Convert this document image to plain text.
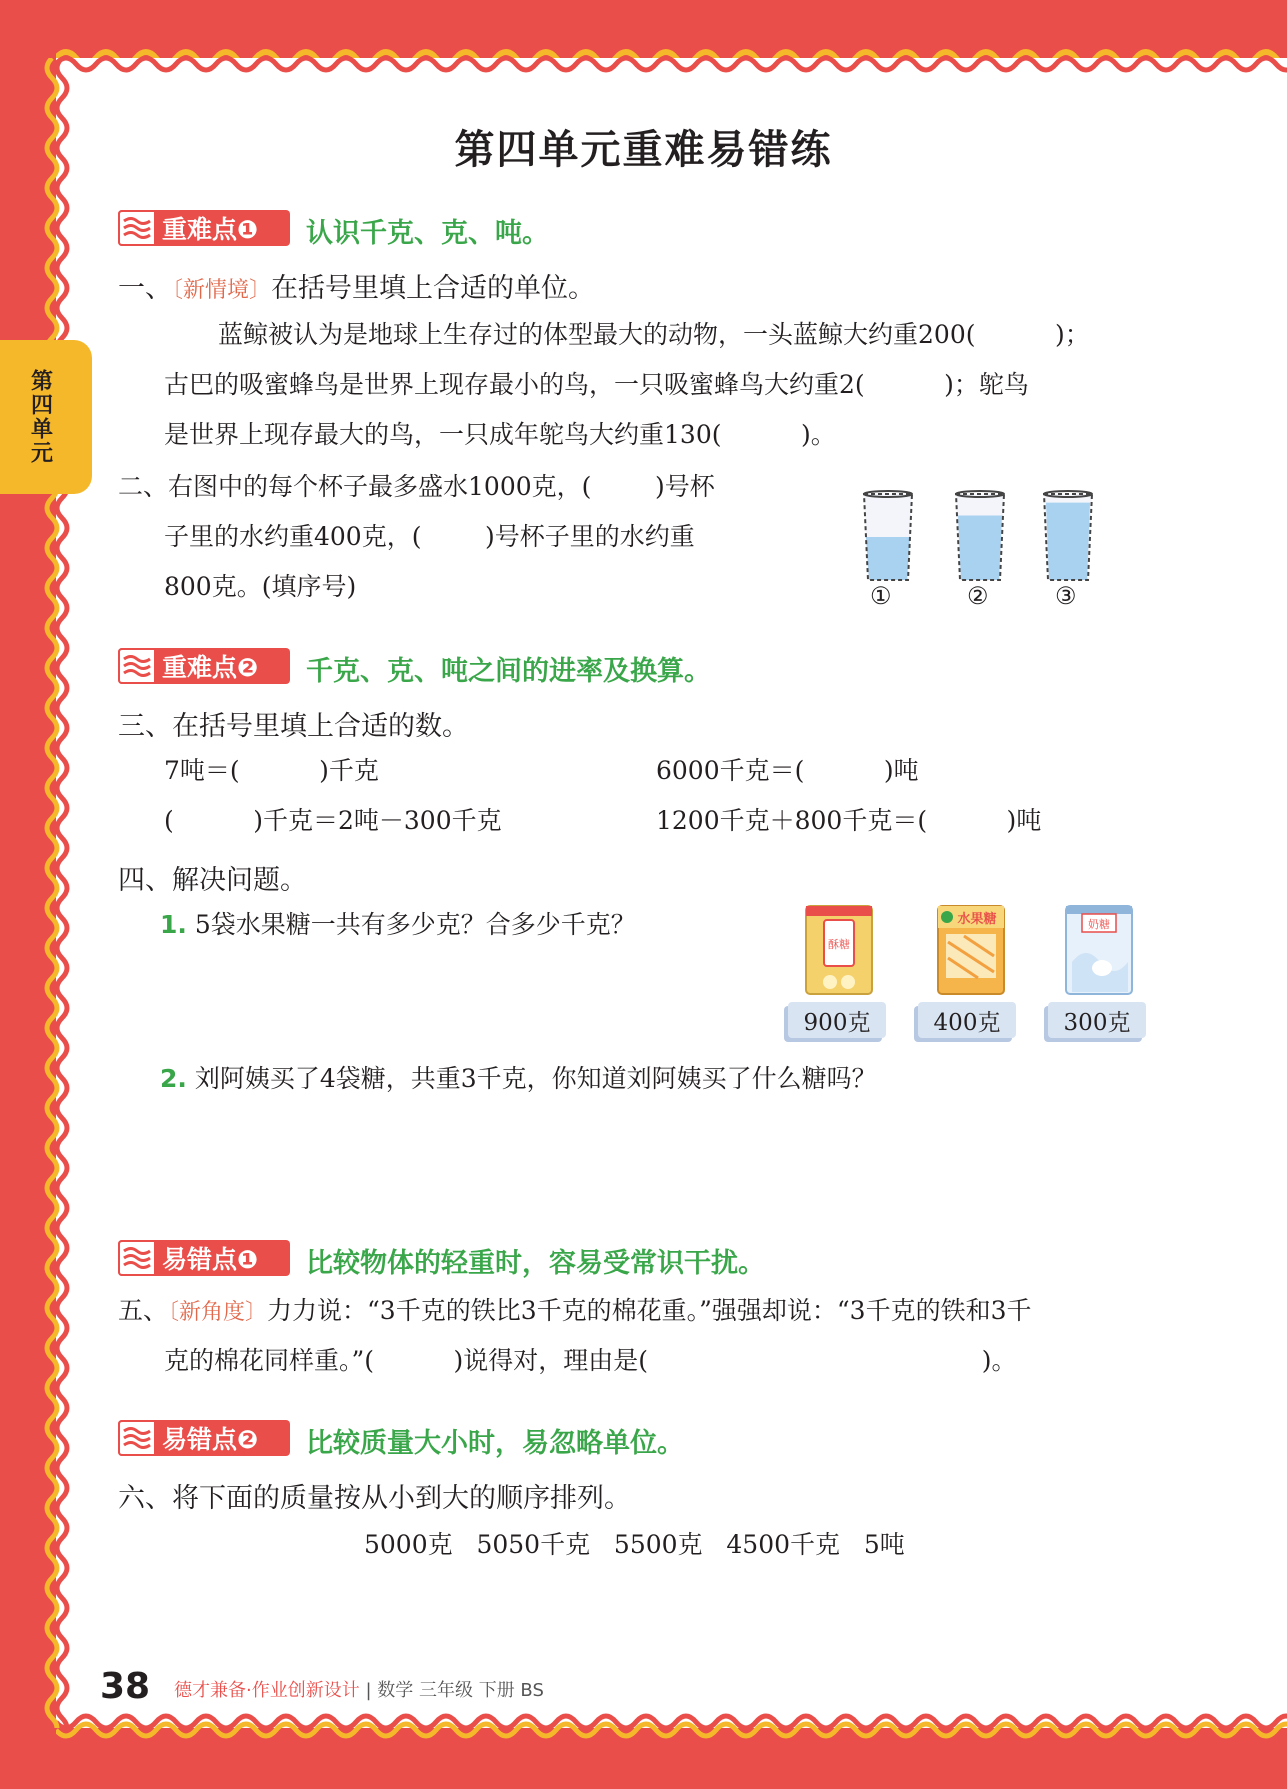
第四单元
第四单元重难易错练
重难点❶ 认识千克、克、吨。
一、〔新情境〕在括号里填上合适的单位。
蓝鲸被认为是地球上生存过的体型最大的动物，一头蓝鲸大约重200(          )；
古巴的吸蜜蜂鸟是世界上现存最小的鸟，一只吸蜜蜂鸟大约重2(          )；鸵鸟
是世界上现存最大的鸟，一只成年鸵鸟大约重130(          )。
二、右图中的每个杯子最多盛水1000克，(        )号杯
子里的水约重400克，(        )号杯子里的水约重
800克。(填序号)	①	②	③
重难点❷ 千克、克、吨之间的进率及换算。
三、在括号里填上合适的数。
7吨＝(          )千克	6000千克＝(          )吨
(          )千克＝2吨－300千克	1200千克＋800千克＝(          )吨
四、解决问题。
1. 5袋水果糖一共有多少克？合多少千克？
酥糖
水果糖	奶糖
900克	400克	300克
2. 刘阿姨买了4袋糖，共重3千克，你知道刘阿姨买了什么糖吗？
易错点❶ 比较物体的轻重时，容易受常识干扰。
五、〔新角度〕力力说：“3千克的铁比3千克的棉花重。”强强却说：“3千克的铁和3千
克的棉花同样重。”(          )说得对，理由是(                                          )。
易错点❷ 比较质量大小时，易忽略单位。
六、将下面的质量按从小到大的顺序排列。
5000克   5050千克   5500克   4500千克   5吨
38 德才兼备·作业创新设计 | 数学 三年级 下册 BS
